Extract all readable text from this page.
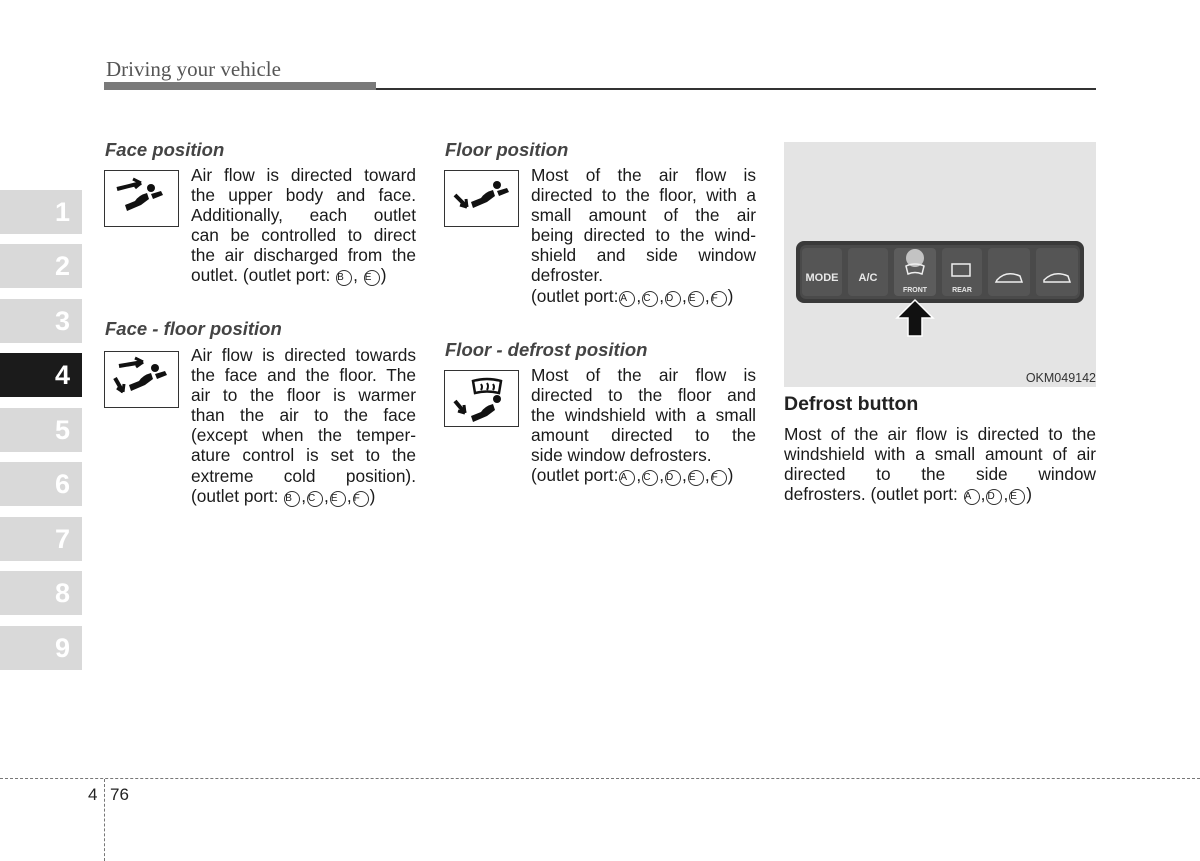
Driving your vehicle
1
2
3
4
5
6
7
8
9
Face position
Air flow is directed toward
the upper body and face.
Additionally, each outlet
can be controlled to direct
the air discharged from the
outlet. (outlet port: B , E )
Face - floor position
Air flow is directed towards
the face and the floor. The
air to the floor is warmer
than the air to the face
(except when the temper-
ature control is set to the
extreme cold position).
(outlet port: B , C , E , F )
Floor position
Most of the air flow is
directed to the floor, with a
small amount of the air
being directed to the wind-
shield and side window
defroster.
(outlet port: A , C , D , E , F )
Floor - defrost position
Most of the air flow is
directed to the floor and
the windshield with a small
amount directed to the
side window defrosters.
(outlet port: A , C , D , E , F )
MODE A/C
FRONT	REAR
OKM049142
Defrost button
Most of the air flow is directed to the
windshield with a small amount of air
directed to the side window
defrosters. (outlet port: A , D , E )
4 76
